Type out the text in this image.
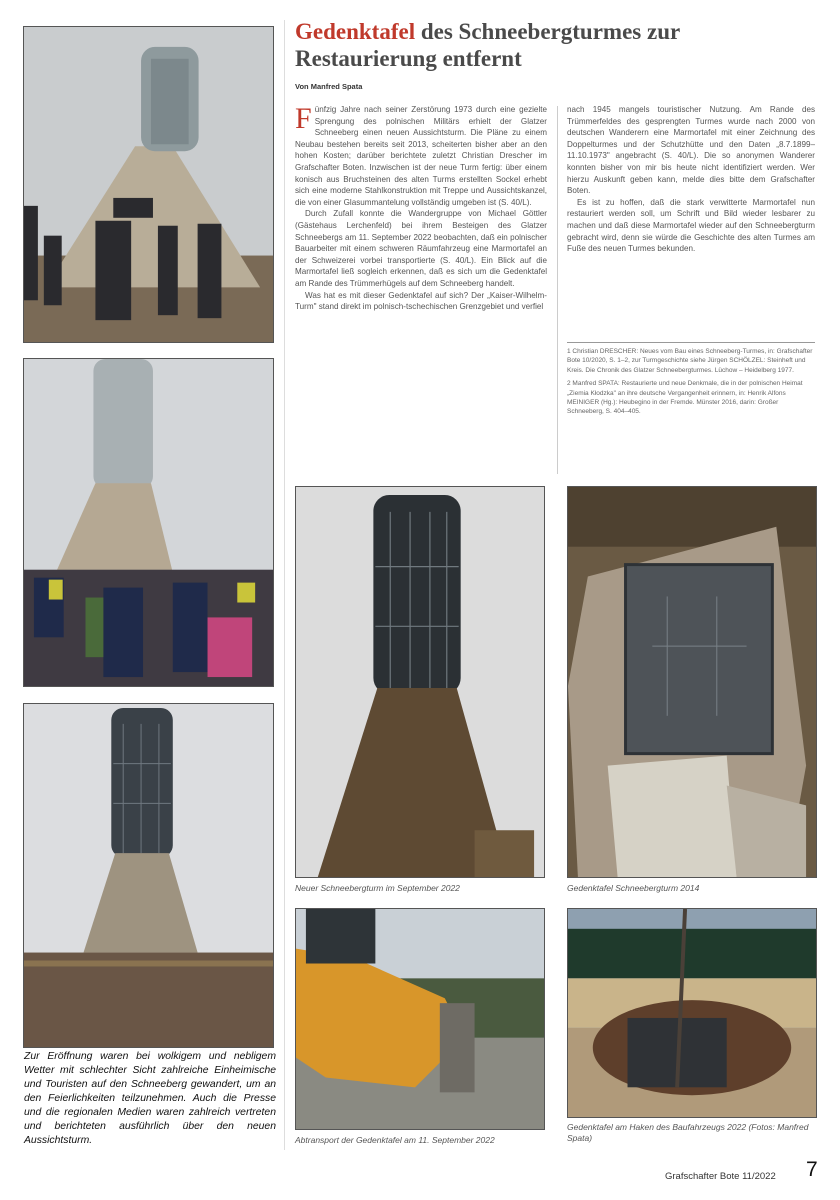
Zur Eröffnung waren bei wolkigem und nebligem Wetter mit schlechter Sicht zahlreiche Einheimische und Touristen auf den Schneeberg gewandert, um an den Feierlichkeiten teilzunehmen. Auch die Presse und die regionalen Medien waren zahlreich vertreten und berichteten ausführlich über den neuen Aussichtsturm.
Gedenktafel des Schneebergturmes zur Restaurierung entfernt
Von Manfred Spata

Fünfzig Jahre nach seiner Zerstörung 1973 durch eine gezielte Sprengung des polnischen Militärs erhielt der Glatzer Schneeberg einen neuen Aussichtsturm. Die Pläne zu einem Neubau bestehen bereits seit 2013, scheiterten bisher aber an den hohen Kosten; darüber berichtete zuletzt Christian Drescher im Grafschafter Boten. Inzwischen ist der neue Turm fertig: über einem konisch aus Bruchsteinen des alten Turms erstellten Sockel erhebt sich eine moderne Stahlkonstruktion mit Treppe und Aussichtskanzel, die von einer Glasummantelung vollständig umgeben ist (S. 40/L).

Durch Zufall konnte die Wandergruppe von Michael Göttler (Gästehaus Lerchenfeld) bei ihrem Besteigen des Glatzer Schneebergs am 11. September 2022 beobachten, daß ein polnischer Bauarbeiter mit einem schweren Räumfahrzeug eine Marmortafel an der Schweizerei vorbei transportierte (S. 40/L). Ein Blick auf die Marmortafel ließ sogleich erkennen, daß es sich um die Gedenktafel am Rande des Trümmerhügels auf dem Schneeberg handelt.

Was hat es mit dieser Gedenktafel auf sich? Der „Kaiser-Wilhelm-Turm" stand direkt im polnisch-tschechischen Grenzgebiet und verfiel

nach 1945 mangels touristischer Nutzung. Am Rande des Trümmerfeldes des gesprengten Turmes wurde nach 2000 von deutschen Wanderern eine Marmortafel mit einer Zeichnung des Doppelturmes und der Schutzhütte und den Daten „8.7.1899–11.10.1973" angebracht (S. 40/L). Die so anonymen Wanderer konnten bisher von mir bis heute nicht identifiziert werden. Wer hierzu Auskunft geben kann, melde dies bitte dem Grafschafter Boten.

Es ist zu hoffen, daß die stark verwitterte Marmortafel nun restauriert werden soll, um Schrift und Bild wieder lesbarer zu machen und daß diese Marmortafel wieder auf den Schneebergturm gebracht wird, denn sie würde die Geschichte des alten Turmes am Fuße des neuen Turmes bekunden.

1 Christian DRESCHER: Neues vom Bau eines Schneeberg-Turmes, in: Grafschafter Bote 10/2020, S. 1–2, zur Turmgeschichte siehe Jürgen SCHÖLZEL: Steinheft und Kreis. Die Chronik des Glatzer Schneebergturmes. Lüchow – Heidelberg 1977.

2 Manfred SPATA: Restaurierte und neue Denkmale, die in der polnischen Heimat „Ziemia Kłodzka" an ihre deutsche Vergangenheit erinnern, in: Henrik Alfons MEINIGER (Hg.): Heubegino in der Fremde. Münster 2016, darin: Großer Schneeberg, S. 404–405.

Neuer Schneebergturm im September 2022	Gedenktafel Schneebergturm 2014
Abtransport der Gedenktafel am 11. September 2022
Gedenktafel am Haken des Baufahrzeugs 2022 (Fotos: Manfred Spata)
Grafschafter Bote 11/2022 7
